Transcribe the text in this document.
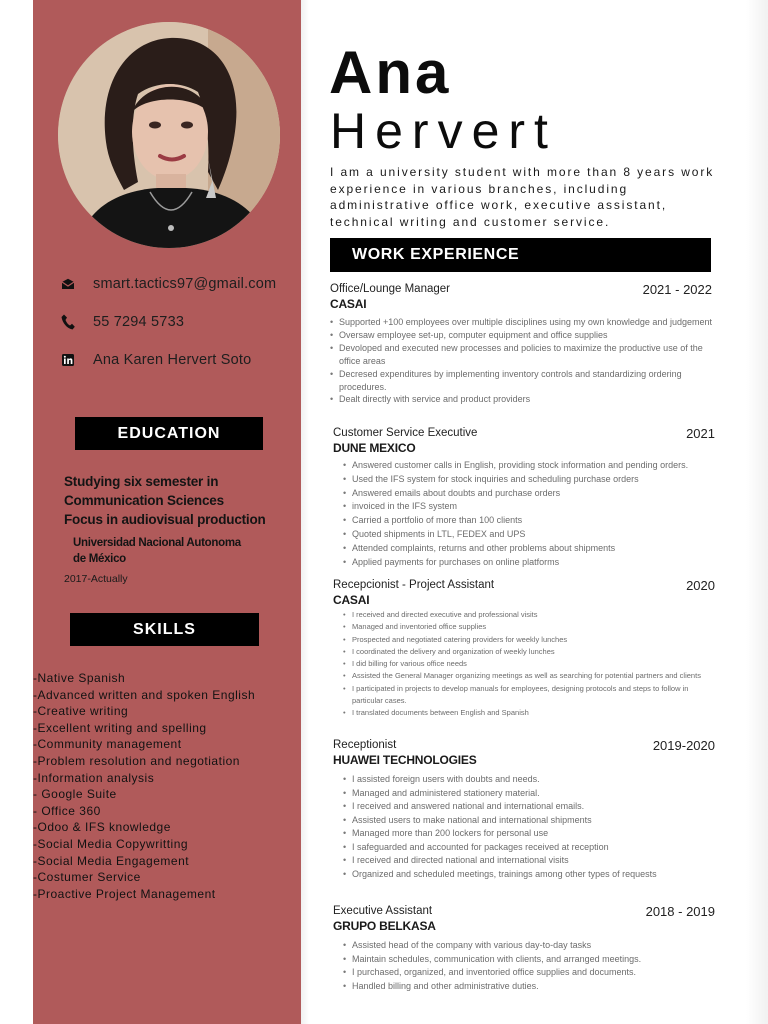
smart.tactics97@gmail.com
55 7294 5733
Ana Karen Hervert Soto
EDUCATION
Studying six semester in
Communication Sciences
Focus in audiovisual production
Universidad Nacional Autonoma
de México
2017-Actually
SKILLS
-Native Spanish
-Advanced written and spoken English
-Creative writing
-Excellent writing and spelling
-Community management
-Problem resolution and negotiation
-Information analysis
- Google Suite
- Office 360
-Odoo & IFS knowledge
-Social Media Copywritting
-Social Media Engagement
-Costumer Service
-Proactive Project Management
Ana
Hervert

I am a university student with more than 8 years work experience in various branches, including administrative office work, executive assistant, technical writing and customer service.

WORK EXPERIENCE
Office/Lounge Manager	2021 - 2022
CASAI
• Supported +100 employees over multiple disciplines using my own knowledge and judgement
• Oversaw employee set-up, computer equipment and office supplies
• Devoloped and executed new processes and policies to maximize the productive use of the office areas
• Decresed expenditures by implementing inventory controls and standardizing ordering procedures.
• Dealt directly with service and product providers
Customer Service Executive	2021
DUNE MEXICO
• Answered customer calls in English, providing stock information and pending orders.
• Used the IFS system for stock inquiries and scheduling purchase orders
• Answered emails about doubts and purchase orders
• invoiced in the IFS system
• Carried a portfolio of more than 100 clients
• Quoted shipments in LTL, FEDEX and UPS
• Attended complaints, returns and other problems about shipments
• Applied payments for purchases on online platforms
Recepcionist - Project Assistant	2020
CASAI
• I received and directed executive and professional visits
• Managed and inventoried office supplies
• Prospected and negotiated catering providers for weekly lunches
• I coordinated the delivery and organization of weekly lunches
• I did billing for various office needs
• Assisted the General Manager organizing meetings as well as searching for potential partners and clients
• I participated in projects to develop manuals for employees, designing protocols and steps to follow in particular cases.
• I translated documents between English and Spanish
Receptionist	2019-2020
HUAWEI TECHNOLOGIES
• I assisted foreign users with doubts and needs.
• Managed and administered stationery material.
• I received and answered national and international emails.
• Assisted users to make national and international shipments
• Managed more than 200 lockers for personal use
• I safeguarded and accounted for packages received at reception
• I received and directed national and international visits
• Organized and scheduled meetings, trainings among other types of requests
Executive Assistant	2018 - 2019
GRUPO BELKASA
• Assisted head of the company with various day-to-day tasks
• Maintain schedules, communication with clients, and arranged meetings.
• I purchased, organized, and inventoried office supplies and documents.
• Handled billing and other administrative duties.
